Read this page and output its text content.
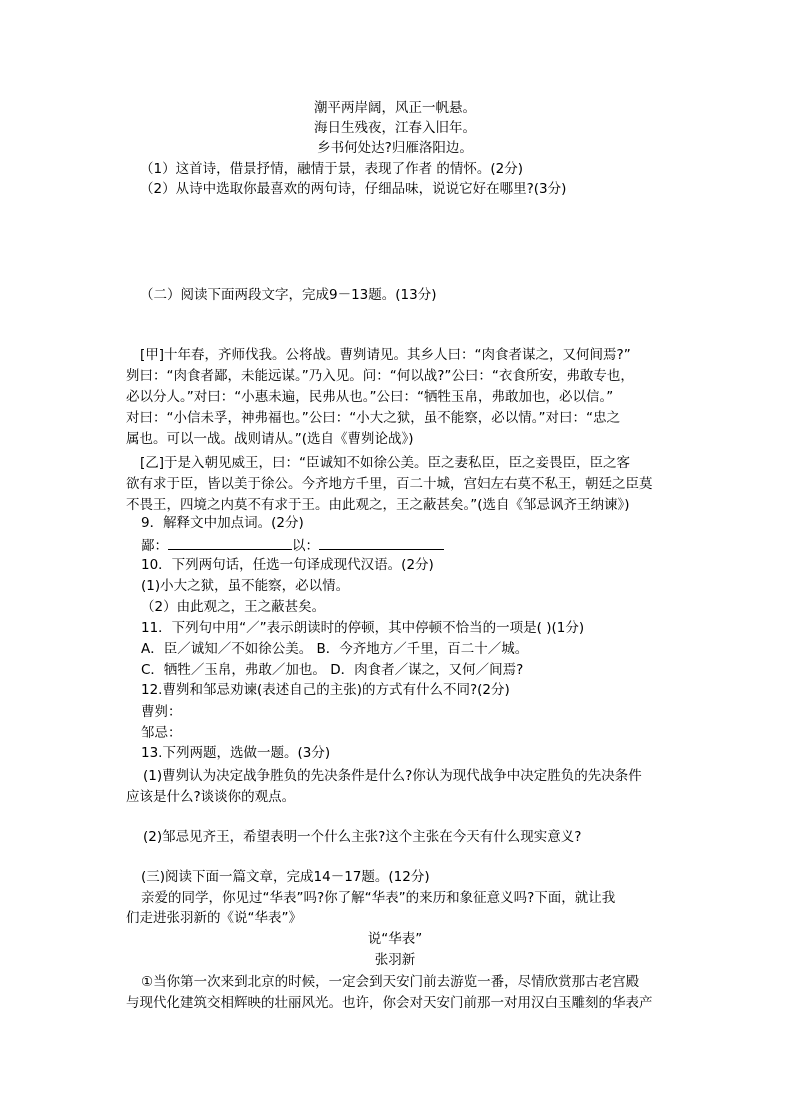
潮平两岸阔，风正一帆悬。
海日生残夜，江春入旧年。
乡书何处达?归雁洛阳边。
（1）这首诗，借景抒情，融情于景，表现了作者 的情怀。(2分)
（2）从诗中选取你最喜欢的两句诗，仔细品味，说说它好在哪里?(3分)
（二）阅读下面两段文字，完成9－13题。(13分)
[甲]十年春，齐师伐我。公将战。曹刿请见。其乡人曰：“肉食者谋之，又何间焉?”
刿曰：“肉食者鄙，未能远谋。”乃入见。问：“何以战?”公曰：“衣食所安，弗敢专也，
必以分人。”对曰：“小惠未遍，民弗从也。”公曰：“牺牲玉帛，弗敢加也，必以信。”
对曰：“小信未孚，神弗福也。”公曰：“小大之狱，虽不能察，必以情。”对曰：“忠之
属也。可以一战。战则请从。”(选自《曹刿论战》)
[乙]于是入朝见威王，曰：“臣诚知不如徐公美。臣之妻私臣，臣之妾畏臣，臣之客
欲有求于臣，皆以美于徐公。今齐地方千里，百二十城，宫妇左右莫不私王，朝廷之臣莫
不畏王，四境之内莫不有求于王。由此观之，王之蔽甚矣。”(选自《邹忌讽齐王纳谏》)
9．解释文中加点词。(2分)
鄙：	以：
10．下列两句话，任选一句译成现代汉语。(2分)
(1)小大之狱，虽不能察，必以情。
（2）由此观之，王之蔽甚矣。
11．下列句中用“／”表示朗读时的停顿，其中停顿不恰当的一项是( )(1分)
A．臣／诚知／不如徐公美。 B．今齐地方／千里，百二十／城。
C．牺牲／玉帛，弗敢／加也。 D．肉食者／谋之，又何／间焉?
12.曹刿和邹忌劝谏(表述自己的主张)的方式有什么不同?(2分)
曹刿：
邹忌：
13.下列两题，选做一题。(3分)
(1)曹刿认为决定战争胜负的先决条件是什么?你认为现代战争中决定胜负的先决条件
应该是什么?谈谈你的观点。
(2)邹忌见齐王，希望表明一个什么主张?这个主张在今天有什么现实意义?
(三)阅读下面一篇文章，完成14－17题。(12分)
亲爱的同学，你见过“华表”吗?你了解“华表”的来历和象征意义吗?下面，就让我
们走进张羽新的《说“华表”》
说“华表”
张羽新
①当你第一次来到北京的时候，一定会到天安门前去游览一番，尽情欣赏那古老宫殿
与现代化建筑交相辉映的壮丽风光。也许，你会对天安门前那一对用汉白玉雕刻的华表产
